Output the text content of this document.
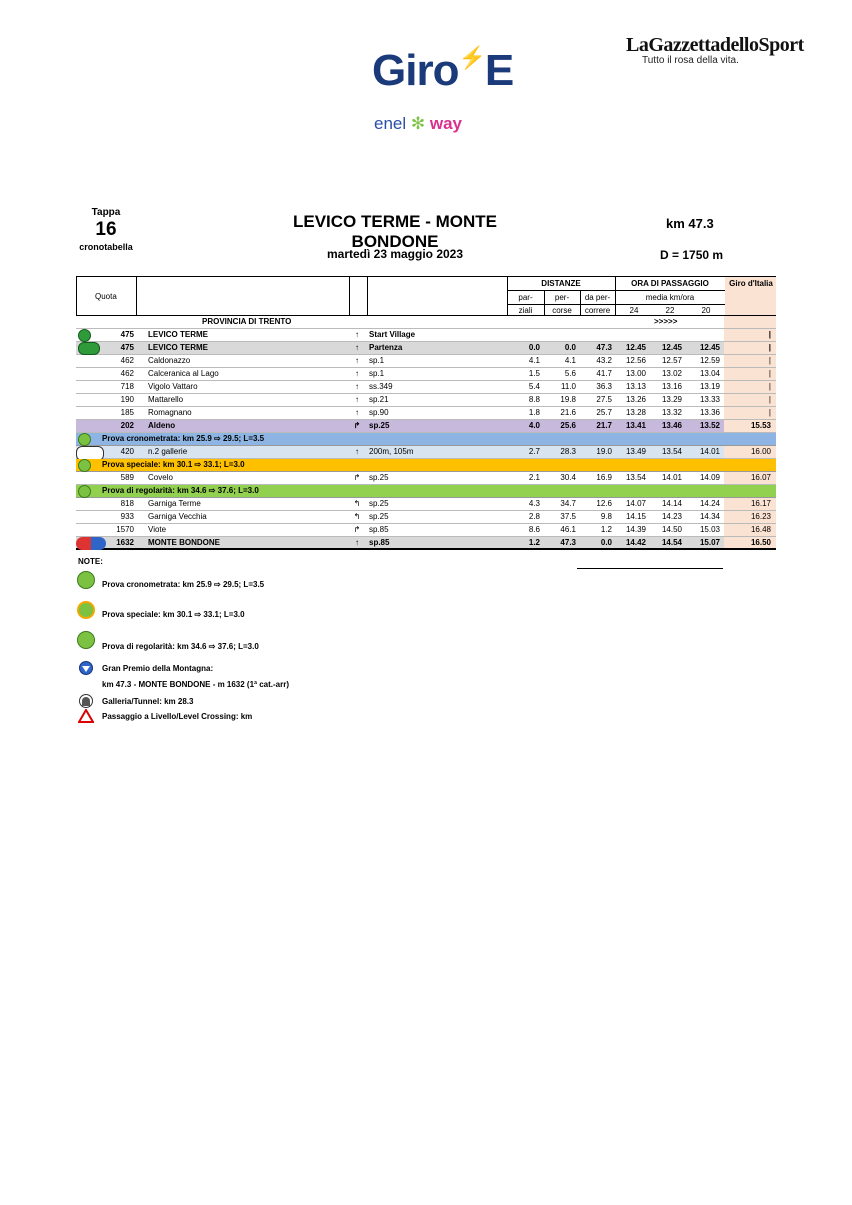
Giro⚡E
enel ✻ way
LaGazzettadelloSport
Tutto il rosa della vita.
Tappa
16
cronotabella
LEVICO TERME - MONTE BONDONE
km 47.3
martedì 23 maggio 2023	D = 1750 m
Quota
DISTANZE
par-
ziali
per-
corse
da per-
correre
ORA DI PASSAGGIO
media km/ora
24	22	20
Giro d'Italia
PROVINCIA DI TRENTO	>>>>>
475 LEVICO TERME	↑	Start Village	|
475 LEVICO TERME	↑	Partenza	0.0	0.0	47.3	12.45	12.45	12.45	|
462 Caldonazzo	↑	sp.1	4.1	4.1	43.2	12.56	12.57	12.59	|
462 Calceranica al Lago	↑	sp.1	1.5	5.6	41.7	13.00	13.02	13.04	|
718 Vigolo Vattaro	↑	ss.349	5.4	11.0	36.3	13.13	13.16	13.19	|
190 Mattarello	↑	sp.21	8.8	19.8	27.5	13.26	13.29	13.33	|
185 Romagnano	↑	sp.90	1.8	21.6	25.7	13.28	13.32	13.36	|
202 Aldeno	↱	sp.25	4.0	25.6	21.7	13.41	13.46	13.52	15.53
Prova cronometrata: km 25.9 ⇨ 29.5; L=3.5
420 n.2 gallerie	↑	200m, 105m	2.7	28.3	19.0	13.49	13.54	14.01	16.00
Prova speciale: km 30.1 ⇨ 33.1; L=3.0
589 Covelo	↱	sp.25	2.1	30.4	16.9	13.54	14.01	14.09	16.07
Prova di regolarità: km 34.6 ⇨ 37.6; L=3.0
818 Garniga Terme	↰	sp.25	4.3	34.7	12.6	14.07	14.14	14.24	16.17
933 Garniga Vecchia	↰	sp.25	2.8	37.5	9.8	14.15	14.23	14.34	16.23
1570 Viote	↱	sp.85	8.6	46.1	1.2	14.39	14.50	15.03	16.48
1632 MONTE BONDONE	↑	sp.85	1.2	47.3	0.0	14.42	14.54	15.07	16.50
NOTE:
Prova cronometrata: km 25.9 ⇨ 29.5; L=3.5
Prova speciale: km 30.1 ⇨ 33.1; L=3.0
Prova di regolarità: km 34.6 ⇨ 37.6; L=3.0
Gran Premio della Montagna:
km 47.3 - MONTE BONDONE - m 1632 (1ª cat.-arr)
Galleria/Tunnel: km 28.3
Passaggio a Livello/Level Crossing: km
